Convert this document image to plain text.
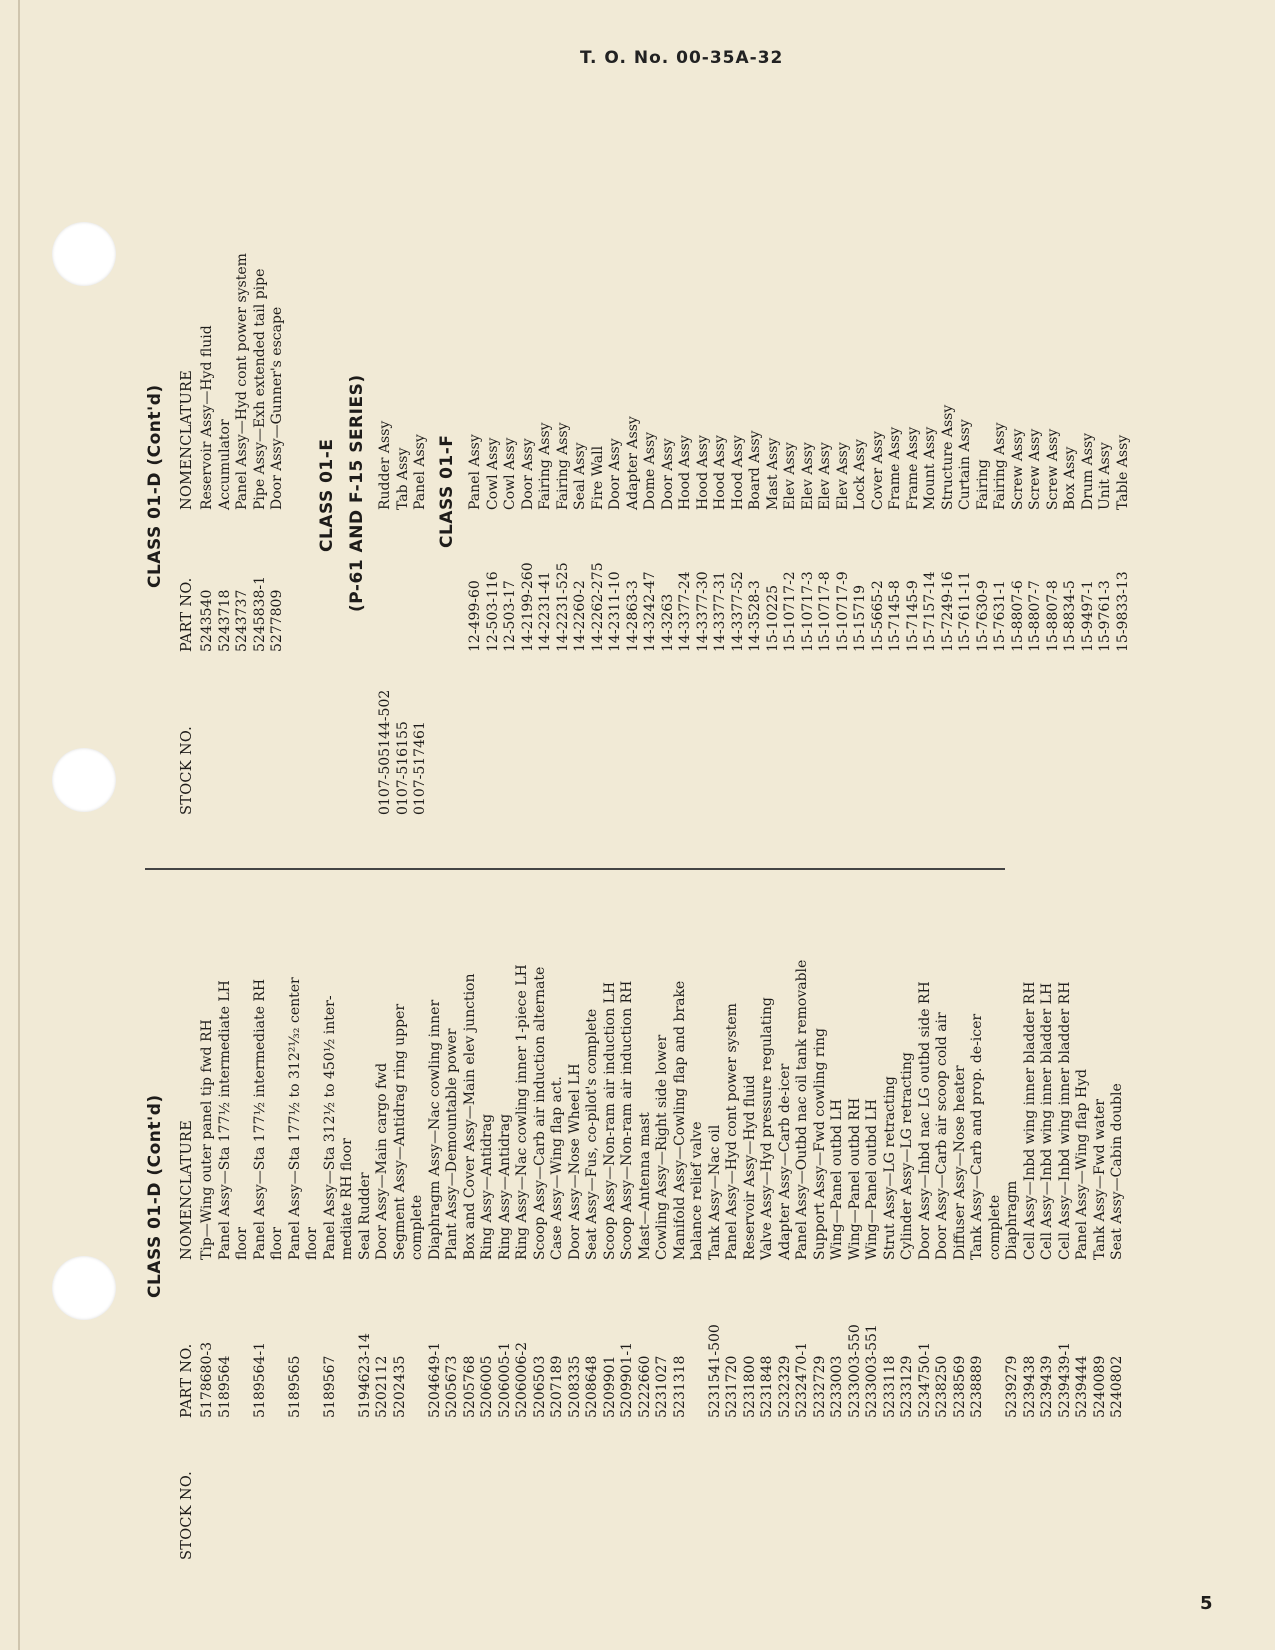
T. O. No. 00-35A-32
5
CLASS 01-D (Cont'd)
STOCK NO.
PART NO.
NOMENCLATURE
5178680-3
Tip—Wing outer panel tip fwd RH
5189564
Panel Assy—Sta 177½ intermediate LH floor
5189564-1
Panel Assy—Sta 177½ intermediate RH floor
5189565
Panel Assy—Sta 177½ to 312²¹⁄₃₂ center floor
5189567
Panel Assy—Sta 312½ to 450½ inter- mediate RH floor
5194623-14
Seal Rudder
5202112
Door Assy—Main cargo fwd
5202435
Segment Assy—Antidrag ring upper complete
5204649-1
Diaphragm Assy—Nac cowling inner
5205673
Plant Assy—Demountable power
5205768
Box and Cover Assy—Main elev junction
5206005
Ring Assy—Antidrag
5206005-1
Ring Assy—Antidrag
5206006-2
Ring Assy—Nac cowling inner 1-piece LH
5206503
Scoop Assy—Carb air induction alternate
5207189
Case Assy—Wing flap act.
5208335
Door Assy—Nose Wheel LH
5208648
Seat Assy—Fus, co-pilot's complete
5209901
Scoop Assy—Non-ram air induction LH
5209901-1
Scoop Assy—Non-ram air induction RH
5222660
Mast—Antenna mast
5231027
Cowling Assy—Right side lower
5231318
Manifold Assy—Cowling flap and brake balance relief valve
5231541-500
Tank Assy—Nac oil
5231720
Panel Assy—Hyd cont power system
5231800
Reservoir Assy—Hyd fluid
5231848
Valve Assy—Hyd pressure regulating
5232329
Adapter Assy—Carb de-icer
5232470-1
Panel Assy—Outbd nac oil tank removable
5232729
Support Assy—Fwd cowling ring
5233003
Wing—Panel outbd LH
5233003-550
Wing—Panel outbd RH
5233003-551
Wing—Panel outbd LH
5233118
Strut Assy—LG retracting
5233129
Cylinder Assy—LG retracting
5234750-1
Door Assy—Inbd nac LG outbd side RH
5238250
Door Assy—Carb air scoop cold air
5238569
Diffuser Assy—Nose heater
5238889
Tank Assy—Carb and prop. de-icer complete
5239279
Diaphragm
5239438
Cell Assy—Inbd wing inner bladder RH
5239439
Cell Assy—Inbd wing inner bladder LH
5239439-1
Cell Assy—Inbd wing inner bladder RH
5239444
Panel Assy—Wing flap Hyd
5240089
Tank Assy—Fwd water
5240802
Seat Assy—Cabin double
CLASS 01-D (Cont'd)
STOCK NO.
PART NO.
NOMENCLATURE
5243540
Reservoir Assy—Hyd fluid
5243718
Accumulator
5243737
Panel Assy—Hyd cont power system
5245838-1
Pipe Assy—Exh extended tail pipe
5277809
Door Assy—Gunner's escape CLASS 01-E (P-61 AND F-15 SERIES)
0107-505144-502
Rudder Assy
0107-516155
Tab Assy
0107-517461
Panel Assy CLASS 01-F
12-499-60
Panel Assy
12-503-116
Cowl Assy
12-503-17
Cowl Assy
14-2199-260
Door Assy
14-2231-41
Fairing Assy
14-2231-525
Fairing Assy
14-2260-2
Seal Assy
14-2262-275
Fire Wall
14-2311-10
Door Assy
14-2863-3
Adapter Assy
14-3242-47
Dome Assy
14-3263
Door Assy
14-3377-24
Hood Assy
14-3377-30
Hood Assy
14-3377-31
Hood Assy
14-3377-52
Hood Assy
14-3528-3
Board Assy
15-10225
Mast Assy
15-10717-2
Elev Assy
15-10717-3
Elev Assy
15-10717-8
Elev Assy
15-10717-9
Elev Assy
15-15719
Lock Assy
15-5665-2
Cover Assy
15-7145-8
Frame Assy
15-7145-9
Frame Assy
15-7157-14
Mount Assy
15-7249-16
Structure Assy
15-7611-11
Curtain Assy
15-7630-9
Fairing
15-7631-1
Fairing Assy
15-8807-6
Screw Assy
15-8807-7
Screw Assy
15-8807-8
Screw Assy
15-8834-5
Box Assy
15-9497-1
Drum Assy
15-9761-3
Unit Assy
15-9833-13
Table Assy
